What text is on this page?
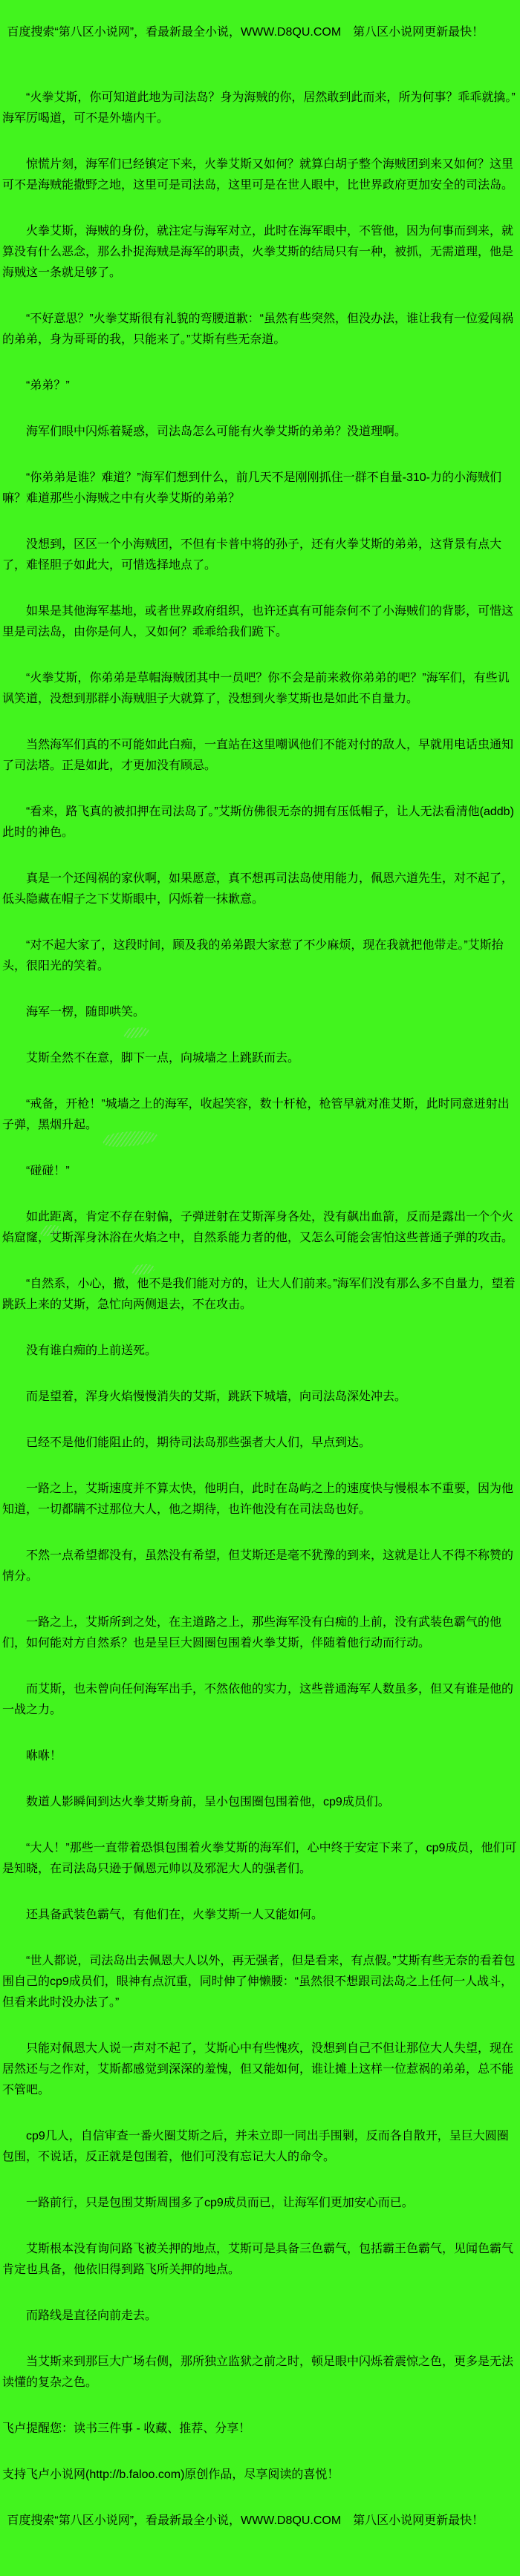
百度搜索“第八区小说网”，看最新最全小说，WWW.D8QU.COM　第八区小说网更新最快！

“火拳艾斯，你可知道此地为司法岛？身为海贼的你，居然敢到此而来，所为何事？乖乖就擒。”海军厉喝道，可不是外墙内干。

惊慌片刻，海军们已经镇定下来，火拳艾斯又如何？就算白胡子整个海贼团到来又如何？这里可不是海贼能撒野之地，这里可是司法岛，这里可是在世人眼中，比世界政府更加安全的司法岛。

火拳艾斯，海贼的身份，就注定与海军对立，此时在海军眼中，不管他，因为何事而到来，就算没有什么恶念，那么扑捉海贼是海军的职责，火拳艾斯的结局只有一种，被抓，无需道理，他是海贼这一条就足够了。

“不好意思？”火拳艾斯很有礼貌的弯腰道歉：“虽然有些突然，但没办法，谁让我有一位爱闯祸的弟弟，身为哥哥的我，只能来了。”艾斯有些无奈道。

“弟弟？”

海军们眼中闪烁着疑惑，司法岛怎么可能有火拳艾斯的弟弟？没道理啊。

“你弟弟是谁？难道？”海军们想到什么，前几天不是刚刚抓住一群不自量-310-力的小海贼们嘛？难道那些小海贼之中有火拳艾斯的弟弟？

没想到，区区一个小海贼团，不但有卡普中将的孙子，还有火拳艾斯的弟弟，这背景有点大了，难怪胆子如此大，可惜选择地点了。

如果是其他海军基地，或者世界政府组织，也许还真有可能奈何不了小海贼们的背影，可惜这里是司法岛，由你是何人，又如何？乖乖给我们跪下。

“火拳艾斯，你弟弟是草帽海贼团其中一员吧？你不会是前来救你弟弟的吧？”海军们，有些讥讽笑道，没想到那群小海贼胆子大就算了，没想到火拳艾斯也是如此不自量力。

当然海军们真的不可能如此白痴，一直站在这里嘲讽他们不能对付的敌人，早就用电话虫通知了司法塔。正是如此，才更加没有顾忌。

“看来，路飞真的被扣押在司法岛了。”艾斯仿佛很无奈的拥有压低帽子，让人无法看清他(addb)此时的神色。

真是一个还闯祸的家伙啊，如果愿意，真不想再司法岛使用能力，佩恩六道先生，对不起了，低头隐藏在帽子之下艾斯眼中，闪烁着一抹歉意。

“对不起大家了，这段时间，顾及我的弟弟跟大家惹了不少麻烦，现在我就把他带走。”艾斯抬头，很阳光的笑着。

海军一楞，随即哄笑。

艾斯全然不在意，脚下一点，向城墙之上跳跃而去。

“戒备，开枪！”城墙之上的海军，收起笑容，数十杆枪，枪管早就对准艾斯，此时同意迸射出子弹，黑烟升起。

“碰碰！”

如此距离，肯定不存在射偏，子弹迸射在艾斯浑身各处，没有飙出血箭，反而是露出一个个火焰窟窿，艾斯浑身沐浴在火焰之中，自然系能力者的他，又怎么可能会害怕这些普通子弹的攻击。

“自然系，小心，撤，他不是我们能对方的，让大人们前来。”海军们没有那么多不自量力，望着跳跃上来的艾斯，急忙向两侧退去，不在攻击。

没有谁白痴的上前送死。

而是望着，浑身火焰慢慢消失的艾斯，跳跃下城墙，向司法岛深处冲去。

已经不是他们能阻止的，期待司法岛那些强者大人们，早点到达。

一路之上，艾斯速度并不算太快，他明白，此时在岛屿之上的速度快与慢根本不重要，因为他知道，一切都瞒不过那位大人，他之期待，也许他没有在司法岛也好。

不然一点希望都没有，虽然没有希望，但艾斯还是毫不犹豫的到来，这就是让人不得不称赞的情分。

一路之上，艾斯所到之处，在主道路之上，那些海军没有白痴的上前，没有武装色霸气的他们，如何能对方自然系？也是呈巨大圆圈包围着火拳艾斯，伴随着他行动而行动。

而艾斯，也未曾向任何海军出手，不然依他的实力，这些普通海军人数虽多，但又有谁是他的一战之力。

咻咻！

数道人影瞬间到达火拳艾斯身前，呈小包围圈包围着他，cp9成员们。

“大人！”那些一直带着恐惧包围着火拳艾斯的海军们，心中终于安定下来了，cp9成员，他们可是知晓，在司法岛只逊于佩恩元帅以及邪泥大人的强者们。

还具备武装色霸气，有他们在，火拳艾斯一人又能如何。

“世人都说，司法岛出去佩恩大人以外，再无强者，但是看来，有点假。”艾斯有些无奈的看着包围自己的cp9成员们，眼神有点沉重，同时伸了伸懒腰：“虽然很不想跟司法岛之上任何一人战斗，但看来此时没办法了。”

只能对佩恩大人说一声对不起了，艾斯心中有些愧疚，没想到自己不但让那位大人失望，现在居然还与之作对，艾斯都感觉到深深的羞愧，但又能如何，谁让摊上这样一位惹祸的弟弟，总不能不管吧。

cp9几人，自信审查一番火圈艾斯之后，并未立即一同出手围剿，反而各自散开，呈巨大圆圈包围，不说话，反正就是包围着，他们可没有忘记大人的命令。

一路前行，只是包围艾斯周围多了cp9成员而已，让海军们更加安心而已。

艾斯根本没有询问路飞被关押的地点，艾斯可是具备三色霸气，包括霸王色霸气，见闻色霸气肯定也具备，他依旧得到路飞所关押的地点。

而路线是直径向前走去。

当艾斯来到那巨大广场右侧，那所独立监狱之前之时，顿足眼中闪烁着震惊之色，更多是无法读懂的复杂之色。

飞卢提醒您：读书三件事 - 收藏、推荐、分享！

支持飞卢小说网(http://b.faloo.com)原创作品，尽享阅读的喜悦！

百度搜索“第八区小说网”，看最新最全小说，WWW.D8QU.COM　第八区小说网更新最快！
